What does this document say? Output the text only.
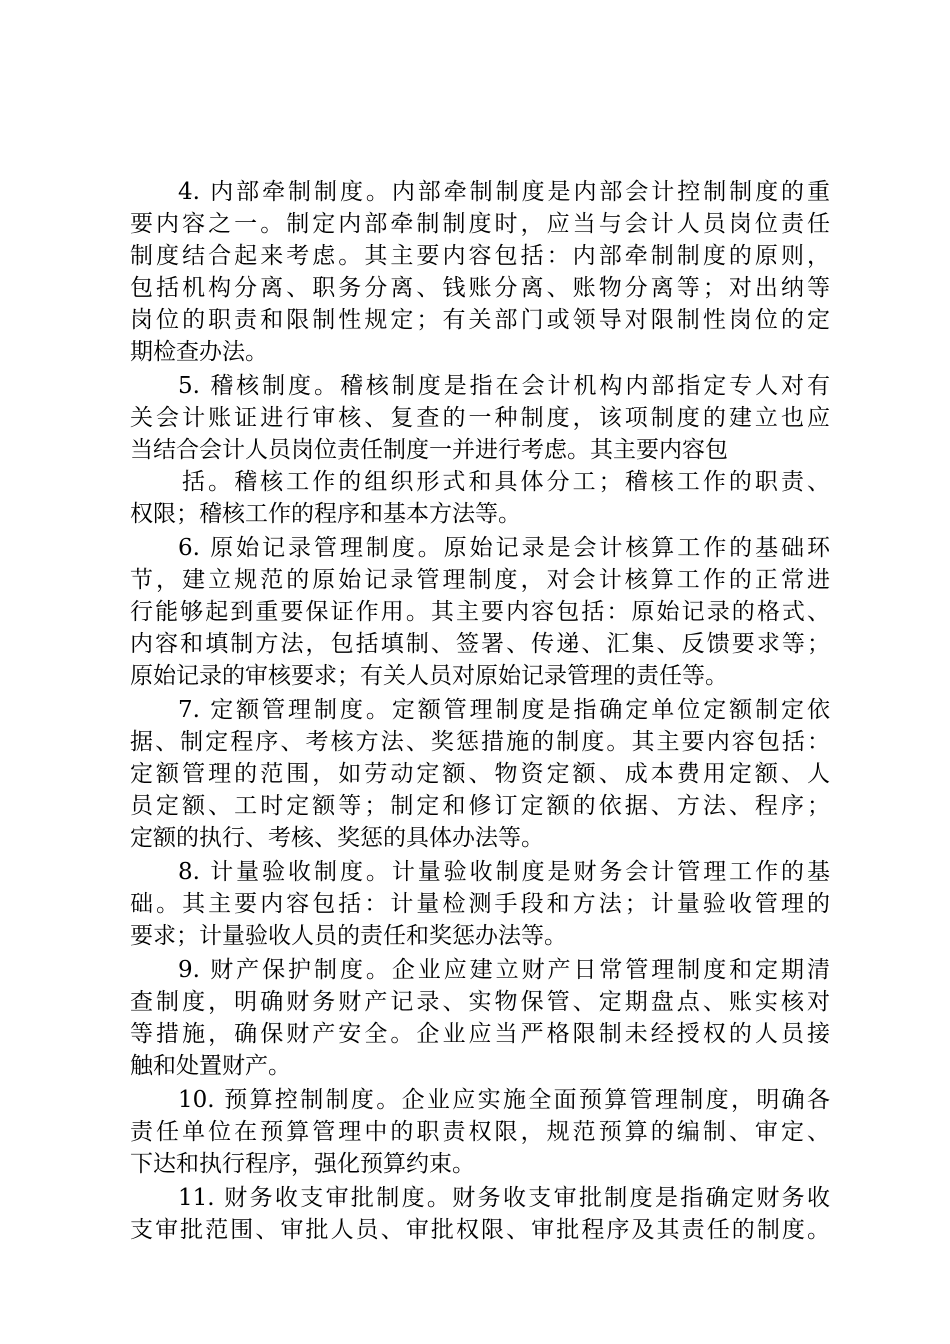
4. 内部牵制制度。内部牵制制度是内部会计控制制度的重
要内容之一。制定内部牵制制度时，应当与会计人员岗位责任
制度结合起来考虑。其主要内容包括：内部牵制制度的原则，
包括机构分离、职务分离、钱账分离、账物分离等；对出纳等
岗位的职责和限制性规定；有关部门或领导对限制性岗位的定
期检查办法。
5. 稽核制度。稽核制度是指在会计机构内部指定专人对有
关会计账证进行审核、复查的一种制度，该项制度的建立也应
当结合会计人员岗位责任制度一并进行考虑。其主要内容包
括。稽核工作的组织形式和具体分工；稽核工作的职责、
权限；稽核工作的程序和基本方法等。
6. 原始记录管理制度。原始记录是会计核算工作的基础环
节，建立规范的原始记录管理制度，对会计核算工作的正常进
行能够起到重要保证作用。其主要内容包括：原始记录的格式、
内容和填制方法，包括填制、签署、传递、汇集、反馈要求等；
原始记录的审核要求；有关人员对原始记录管理的责任等。
7. 定额管理制度。定额管理制度是指确定单位定额制定依
据、制定程序、考核方法、奖惩措施的制度。其主要内容包括：
定额管理的范围，如劳动定额、物资定额、成本费用定额、人
员定额、工时定额等；制定和修订定额的依据、方法、程序；
定额的执行、考核、奖惩的具体办法等。
8. 计量验收制度。计量验收制度是财务会计管理工作的基
础。其主要内容包括：计量检测手段和方法；计量验收管理的
要求；计量验收人员的责任和奖惩办法等。
9. 财产保护制度。企业应建立财产日常管理制度和定期清
查制度，明确财务财产记录、实物保管、定期盘点、账实核对
等措施，确保财产安全。企业应当严格限制未经授权的人员接
触和处置财产。
10. 预算控制制度。企业应实施全面预算管理制度，明确各
责任单位在预算管理中的职责权限，规范预算的编制、审定、
下达和执行程序，强化预算约束。
11. 财务收支审批制度。财务收支审批制度是指确定财务收
支审批范围、审批人员、审批权限、审批程序及其责任的制度。
